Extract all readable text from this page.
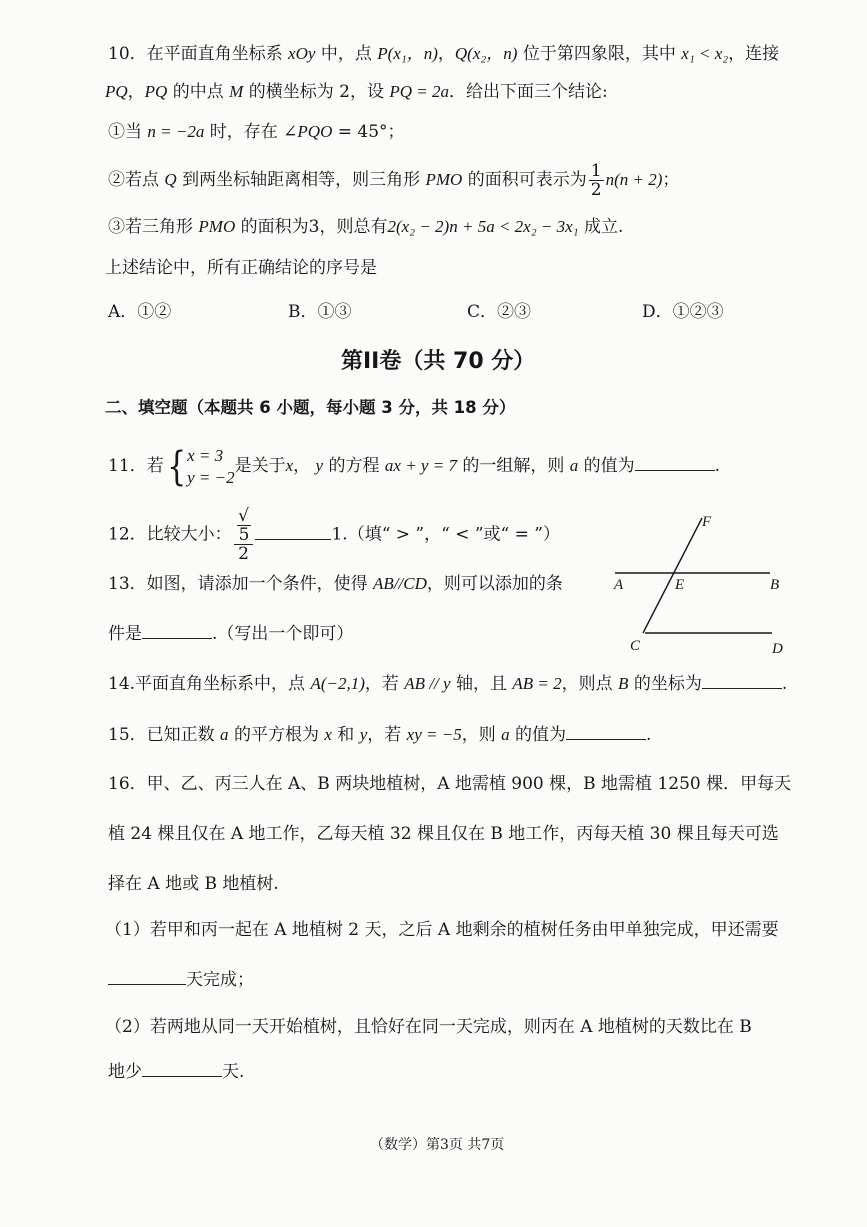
10．在平面直角坐标系 xOy 中，点 P(x₁，n)，Q(x₂，n) 位于第四象限，其中 x₁ < x₂，连接
PQ，PQ 的中点 M 的横坐标为 2，设 PQ = 2a．给出下面三个结论:
①当 n = −2a 时，存在 ∠PQO = 45°；
②若点 Q 到两坐标轴距离相等，则三角形 PMO 的面积可表示为 $\frac{1}{2} n(n + 2)$；
③若三角形 PMO 的面积为3，则总有2(x₂ − 2)n + 5a < 2x₂ − 3x₁ 成立.
上述结论中，所有正确结论的序号是
A．①②	B．①③	C．②③	D．①②③
第II卷（共 70 分）
二、填空题（本题共 6 小题，每小题 3 分，共 18 分）
11．若{ x = 3
y = −2
是关于x， y 的方程 ax + y = 7 的一组解，则 a 的值为	.
12．比较大小： √
5
2	1.（填“ > ”，“ < ”或“ = ”）
13．如图，请添加一个条件，使得 AB//CD，则可以添加的条
件是	.（写出一个即可）
F
A	E	B
C	D
14.平面直角坐标系中，点 A(−2,1)，若 AB // y 轴，且 AB = 2，则点 B 的坐标为	.
15．已知正数 a 的平方根为 x 和 y，若 xy = −5，则 a 的值为	.
16．甲、乙、丙三人在 A、B 两块地植树，A 地需植 900 棵，B 地需植 1250 棵．甲每天
植 24 棵且仅在 A 地工作，乙每天植 32 棵且仅在 B 地工作，丙每天植 30 棵且每天可选
择在 A 地或 B 地植树.
（1）若甲和丙一起在 A 地植树 2 天，之后 A 地剩余的植树任务由甲单独完成，甲还需要
天完成；
（2）若两地从同一天开始植树，且恰好在同一天完成，则丙在 A 地植树的天数比在 B
地少	天.
（数学）第3页 共7页
